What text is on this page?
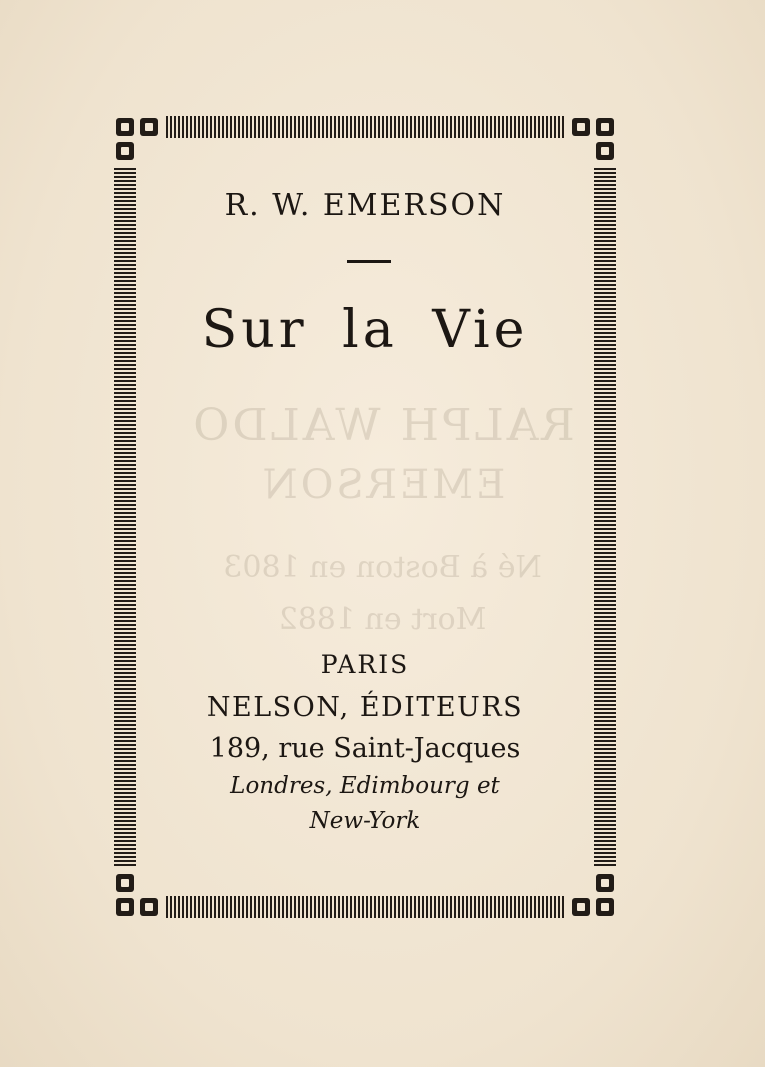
RALPH WALDO
EMERSON
Né à Boston en 1803
Mort en 1882
R. W. EMERSON
Sur la Vie
PARIS
NELSON, ÉDITEURS
189, rue Saint-Jacques
Londres, Edimbourg et
New-York
